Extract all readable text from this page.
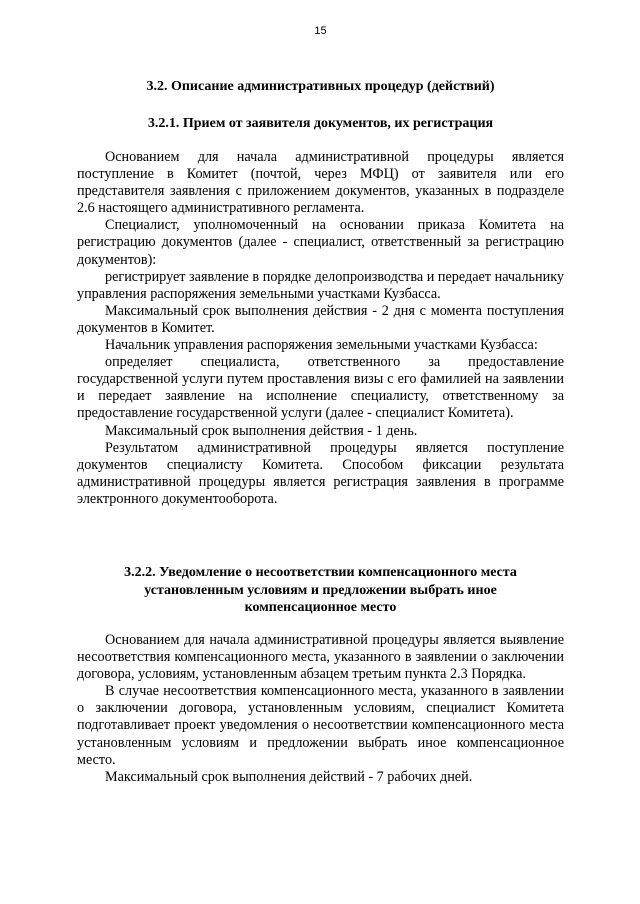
15
3.2. Описание административных процедур (действий)
3.2.1. Прием от заявителя документов, их регистрация

Основанием для начала административной процедуры является поступление в Комитет (почтой, через МФЦ) от заявителя или его представителя заявления с приложением документов, указанных в подразделе 2.6 настоящего административного регламента.

Специалист, уполномоченный на основании приказа Комитета на регистрацию документов (далее - специалист, ответственный за регистрацию документов):

регистрирует заявление в порядке делопроизводства и передает начальнику управления распоряжения земельными участками Кузбасса.

Максимальный срок выполнения действия - 2 дня с момента поступления документов в Комитет.

Начальник управления распоряжения земельными участками Кузбасса:

определяет специалиста, ответственного за предоставление государственной услуги путем проставления визы с его фамилией на заявлении и передает заявление на исполнение специалисту, ответственному за предоставление государственной услуги (далее - специалист Комитета).

Максимальный срок выполнения действия - 1 день.

Результатом административной процедуры является поступление документов специалисту Комитета. Способом фиксации результата административной процедуры является регистрация заявления в программе электронного документооборота.

3.2.2. Уведомление о несоответствии компенсационного места
установленным условиям и предложении выбрать иное
компенсационное место

Основанием для начала административной процедуры является выявление несоответствия компенсационного места, указанного в заявлении о заключении договора, условиям, установленным абзацем третьим пункта 2.3 Порядка.

В случае несоответствия компенсационного места, указанного в заявлении о заключении договора, установленным условиям, специалист Комитета подготавливает проект уведомления о несоответствии компенсационного места установленным условиям и предложении выбрать иное компенсационное место.

Максимальный срок выполнения действий - 7 рабочих дней.
